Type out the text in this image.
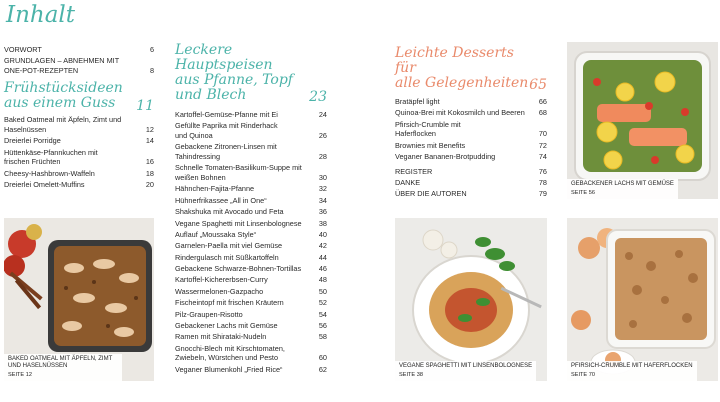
Inhalt
VORWORT	6
GRUNDLAGEN – ABNEHMEN MIT ONE-POT-REZEPTEN	8
Frühstücksideen
aus einem Guss	11
Baked Oatmeal mit Äpfeln, Zimt und Haselnüssen	12
Dreierlei Porridge	14
Hüttenkäse-Pfannkuchen mit frischen Früchten	16
Cheesy-Hashbrown-Waffeln	18
Dreierlei Omelett-Muffins	20
BAKED OATMEAL MIT ÄPFELN, ZIMT UND HASELNÜSSEN
SEITE 12
Leckere Hauptspeisen
aus Pfanne, Topf
und Blech	23
Kartoffel-Gemüse-Pfanne mit Ei	24
Gefüllte Paprika mit Rinderhack und Quinoa	26
Gebackene Zitronen-Linsen mit Tahindressing	28
Schnelle Tomaten-Basilikum-Suppe mit weißen Bohnen	30
Hähnchen-Fajita-Pfanne	32
Hühnerfrikassee „All in One“	34
Shakshuka mit Avocado und Feta	36
Vegane Spaghetti mit Linsenbolognese	38
Auflauf „Moussaka Style“	40
Garnelen-Paella mit viel Gemüse	42
Rindergulasch mit Süßkartoffeln	44
Gebackene Schwarze-Bohnen-Tortillas	46
Kartoffel-Kichererbsen-Curry	48
Wassermelonen-Gazpacho	50
Fischeintopf mit frischen Kräutern	52
Pilz-Graupen-Risotto	54
Gebackener Lachs mit Gemüse	56
Ramen mit Shirataki-Nudeln	58
Gnocchi-Blech mit Kirschtomaten, Zwiebeln, Würstchen und Pesto	60
Veganer Blumenkohl „Fried Rice“	62
Leichte Desserts für
alle Gelegenheiten 65
Bratäpfel light	66
Quinoa-Brei mit Kokosmilch und Beeren	68
Pfirsich-Crumble mit Haferflocken	70
Brownies mit Benefits	72
Veganer Bananen-Brotpudding	74
REGISTER	76
DANKE	78
ÜBER DIE AUTOREN	79
GEBACKENER LACHS MIT GEMÜSE
SEITE 56
VEGANE SPAGHETTI MIT LINSENBOLOGNESE
SEITE 38
PFIRSICH-CRUMBLE MIT HAFERFLOCKEN
SEITE 70
